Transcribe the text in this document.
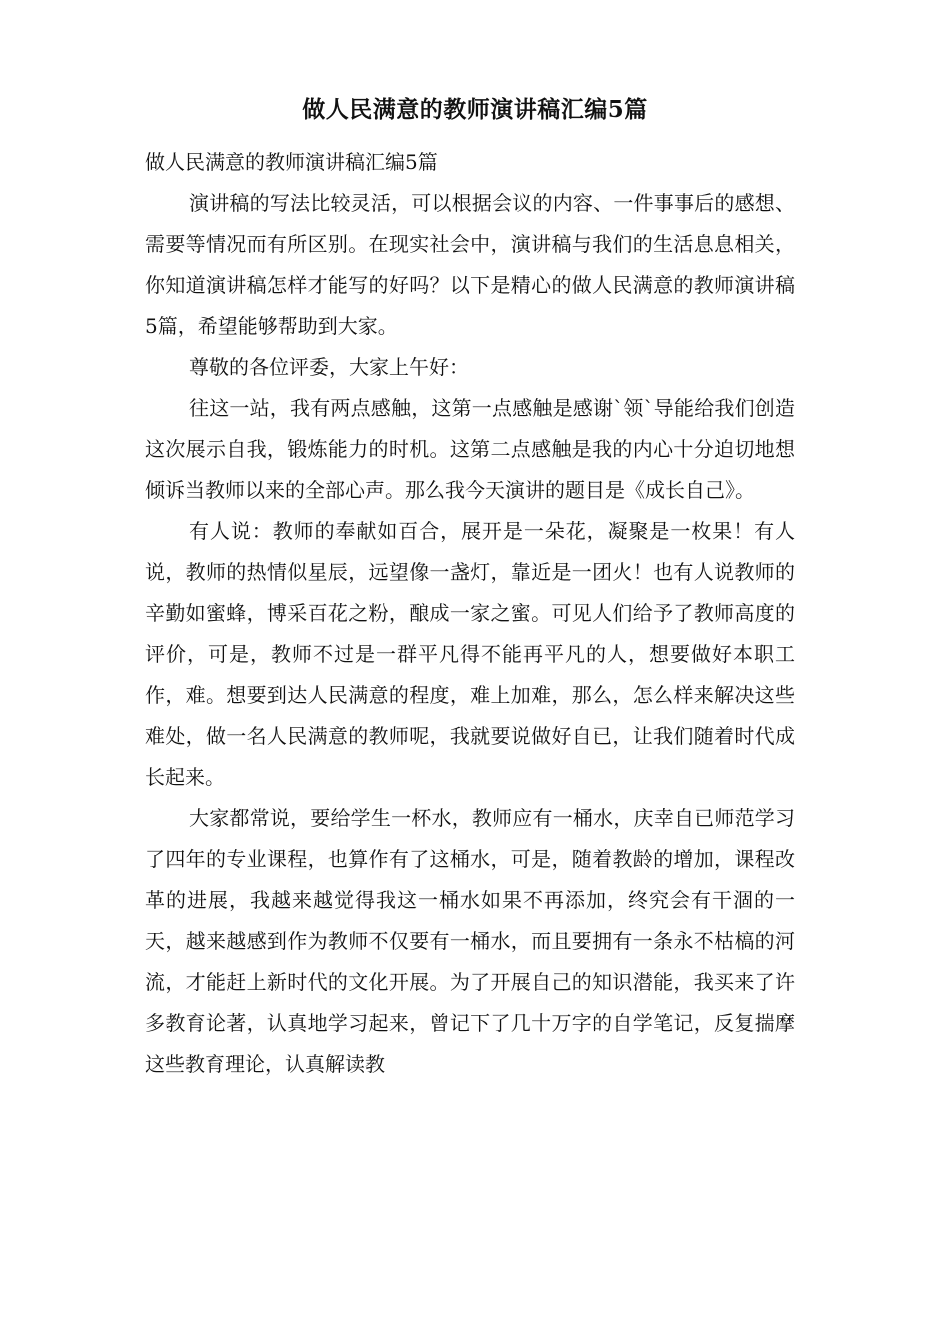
做人民满意的教师演讲稿汇编5篇

做人民满意的教师演讲稿汇编5篇

演讲稿的写法比较灵活，可以根据会议的内容、一件事事后的感想、需要等情况而有所区别。在现实社会中，演讲稿与我们的生活息息相关，你知道演讲稿怎样才能写的好吗？以下是精心的做人民满意的教师演讲稿5篇，希望能够帮助到大家。

尊敬的各位评委，大家上午好：

往这一站，我有两点感触，这第一点感触是感谢`领`导能给我们创造这次展示自我，锻炼能力的时机。这第二点感触是我的内心十分迫切地想倾诉当教师以来的全部心声。那么我今天演讲的题目是《成长自己》。

有人说：教师的奉献如百合，展开是一朵花，凝聚是一枚果！有人说，教师的热情似星辰，远望像一盏灯，靠近是一团火！也有人说教师的辛勤如蜜蜂，博采百花之粉，酿成一家之蜜。可见人们给予了教师高度的评价，可是，教师不过是一群平凡得不能再平凡的人，想要做好本职工作，难。想要到达人民满意的程度，难上加难，那么，怎么样来解决这些难处，做一名人民满意的教师呢，我就要说做好自已，让我们随着时代成长起来。

大家都常说，要给学生一杯水，教师应有一桶水，庆幸自已师范学习了四年的专业课程，也算作有了这桶水，可是，随着教龄的增加，课程改革的进展，我越来越觉得我这一桶水如果不再添加，终究会有干涸的一天，越来越感到作为教师不仅要有一桶水，而且要拥有一条永不枯槁的河流，才能赶上新时代的文化开展。为了开展自己的知识潜能，我买来了许多教育论著，认真地学习起来，曾记下了几十万字的自学笔记，反复揣摩这些教育理论，认真解读教
